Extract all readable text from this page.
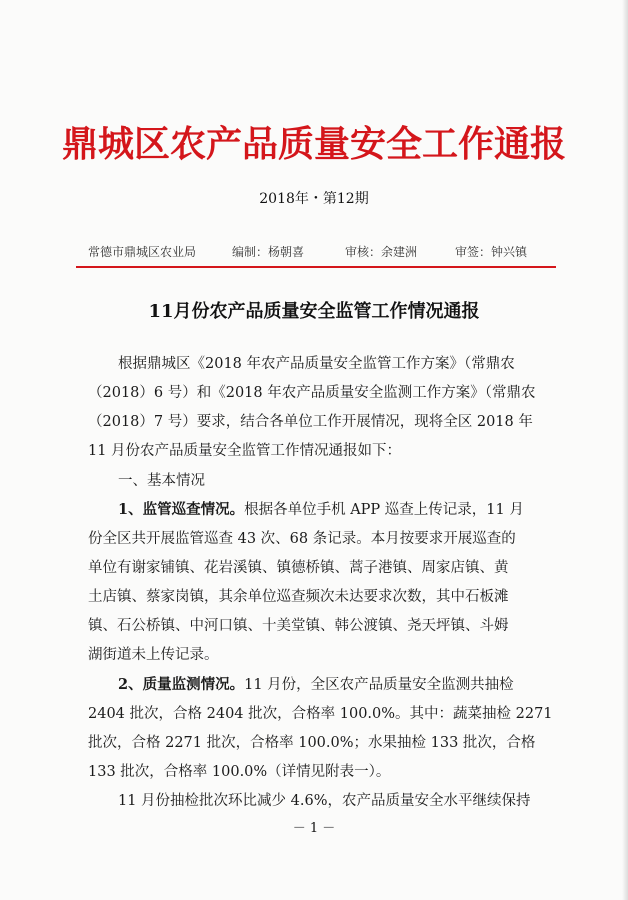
鼎城区农产品质量安全工作通报
2018年・第12期
常德市鼎城区农业局	编制：杨朝喜	审核：余建洲	审签：钟兴镇
11月份农产品质量安全监管工作情况通报
根据鼎城区《2018 年农产品质量安全监管工作方案》（常鼎农
（2018）6 号）和《2018 年农产品质量安全监测工作方案》（常鼎农
（2018）7 号）要求，结合各单位工作开展情况，现将全区 2018 年
11 月份农产品质量安全监管工作情况通报如下：
一、基本情况
1、监管巡查情况。根据各单位手机 APP 巡查上传记录，11 月
份全区共开展监管巡查 43 次、68 条记录。本月按要求开展巡查的
单位有谢家铺镇、花岩溪镇、镇德桥镇、蒿子港镇、周家店镇、黄
土店镇、蔡家岗镇，其余单位巡查频次未达要求次数，其中石板滩
镇、石公桥镇、中河口镇、十美堂镇、韩公渡镇、尧天坪镇、斗姆
湖街道未上传记录。
2、质量监测情况。11 月份，全区农产品质量安全监测共抽检
2404 批次，合格 2404 批次，合格率 100.0%。其中：蔬菜抽检 2271
批次，合格 2271 批次，合格率 100.0%；水果抽检 133 批次，合格
133 批次，合格率 100.0%（详情见附表一）。
11 月份抽检批次环比减少 4.6%，农产品质量安全水平继续保持
－ 1 －
